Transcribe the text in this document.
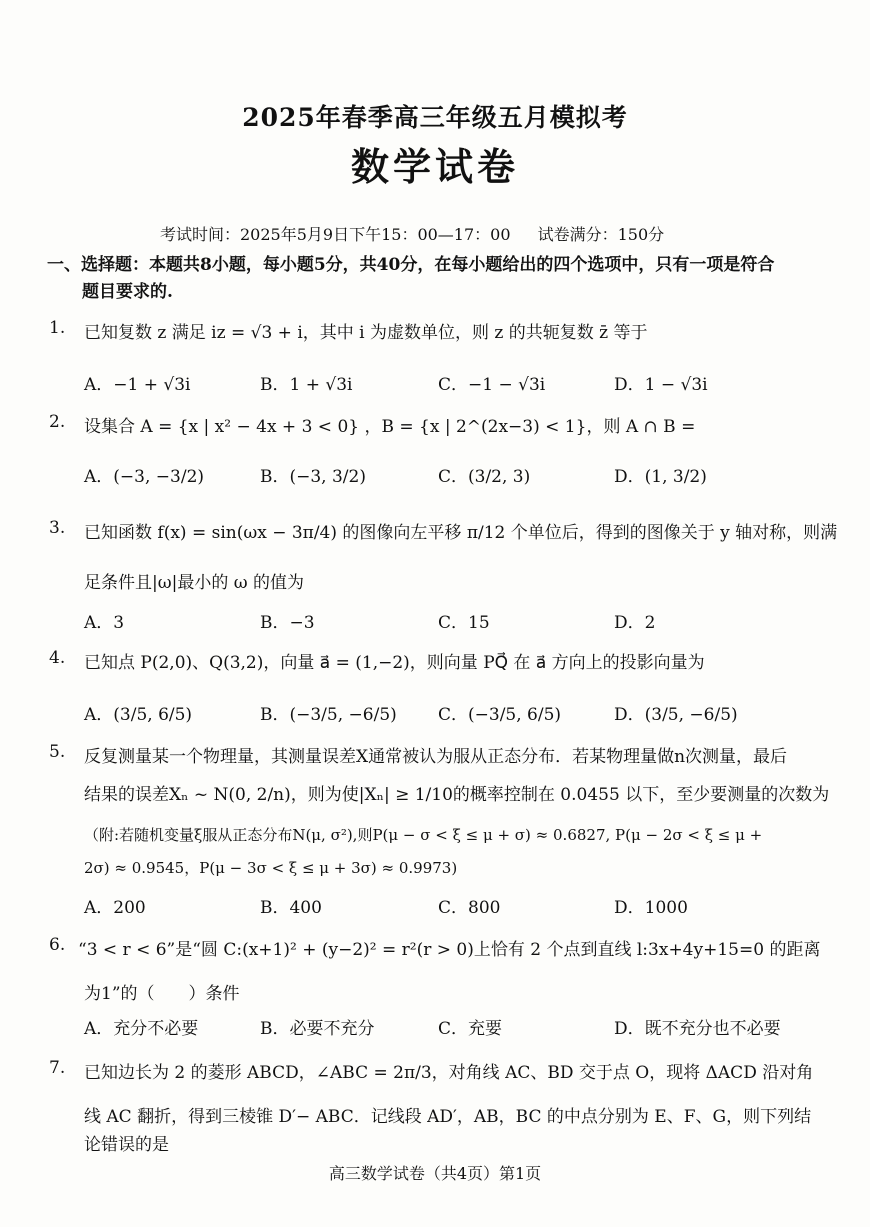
2025年春季高三年级五月模拟考
数学试卷
考试时间：2025年5月9日下午15：00—17：00 试卷满分：150分
一、选择题：本题共8小题，每小题5分，共40分，在每小题给出的四个选项中，只有一项是符合
题目要求的.
1. 已知复数 z 满足 iz = √3 + i，其中 i 为虚数单位，则 z 的共轭复数 z̄ 等于
A．−1 + √3i	B．1 + √3i	C．−1 − √3i	D．1 − √3i
2. 设集合 A = {x | x² − 4x + 3 < 0} ，B = {x | 2^(2x−3) < 1}，则 A ∩ B =
A．(−3, −3/2)	B．(−3, 3/2)	C．(3/2, 3)	D．(1, 3/2)
3. 已知函数 f(x) = sin(ωx − 3π/4) 的图像向左平移 π/12 个单位后，得到的图像关于 y 轴对称，则满
足条件且|ω|最小的 ω 的值为
A．3	B．−3	C．15	D．2
4. 已知点 P(2,0)、Q(3,2)，向量 a⃗ = (1,−2)，则向量 PQ⃗ 在 a⃗ 方向上的投影向量为
A．(3/5, 6/5)	B．(−3/5, −6/5) C．(−3/5, 6/5)	D．(3/5, −6/5)
5. 反复测量某一个物理量，其测量误差X通常被认为服从正态分布．若某物理量做n次测量，最后
结果的误差Xₙ ~ N(0, 2/n)，则为使|Xₙ| ≥ 1/10的概率控制在 0.0455 以下，至少要测量的次数为
（附:若随机变量ξ服从正态分布N(μ, σ²),则P(μ − σ < ξ ≤ μ + σ) ≈ 0.6827, P(μ − 2σ < ξ ≤ μ +
2σ) ≈ 0.9545，P(μ − 3σ < ξ ≤ μ + 3σ) ≈ 0.9973)
A．200	B．400	C．800	D．1000
6. “3 < r < 6”是“圆 C:(x+1)² + (y−2)² = r²(r > 0)上恰有 2 个点到直线 l:3x+4y+15=0 的距离
为1”的（　　）条件
A．充分不必要	B．必要不充分	C．充要	D．既不充分也不必要
7. 已知边长为 2 的菱形 ABCD，∠ABC = 2π/3，对角线 AC、BD 交于点 O，现将 ΔACD 沿对角
线 AC 翻折，得到三棱锥 D′− ABC．记线段 AD′，AB，BC 的中点分别为 E、F、G，则下列结
论错误的是
高三数学试卷（共4页）第1页
